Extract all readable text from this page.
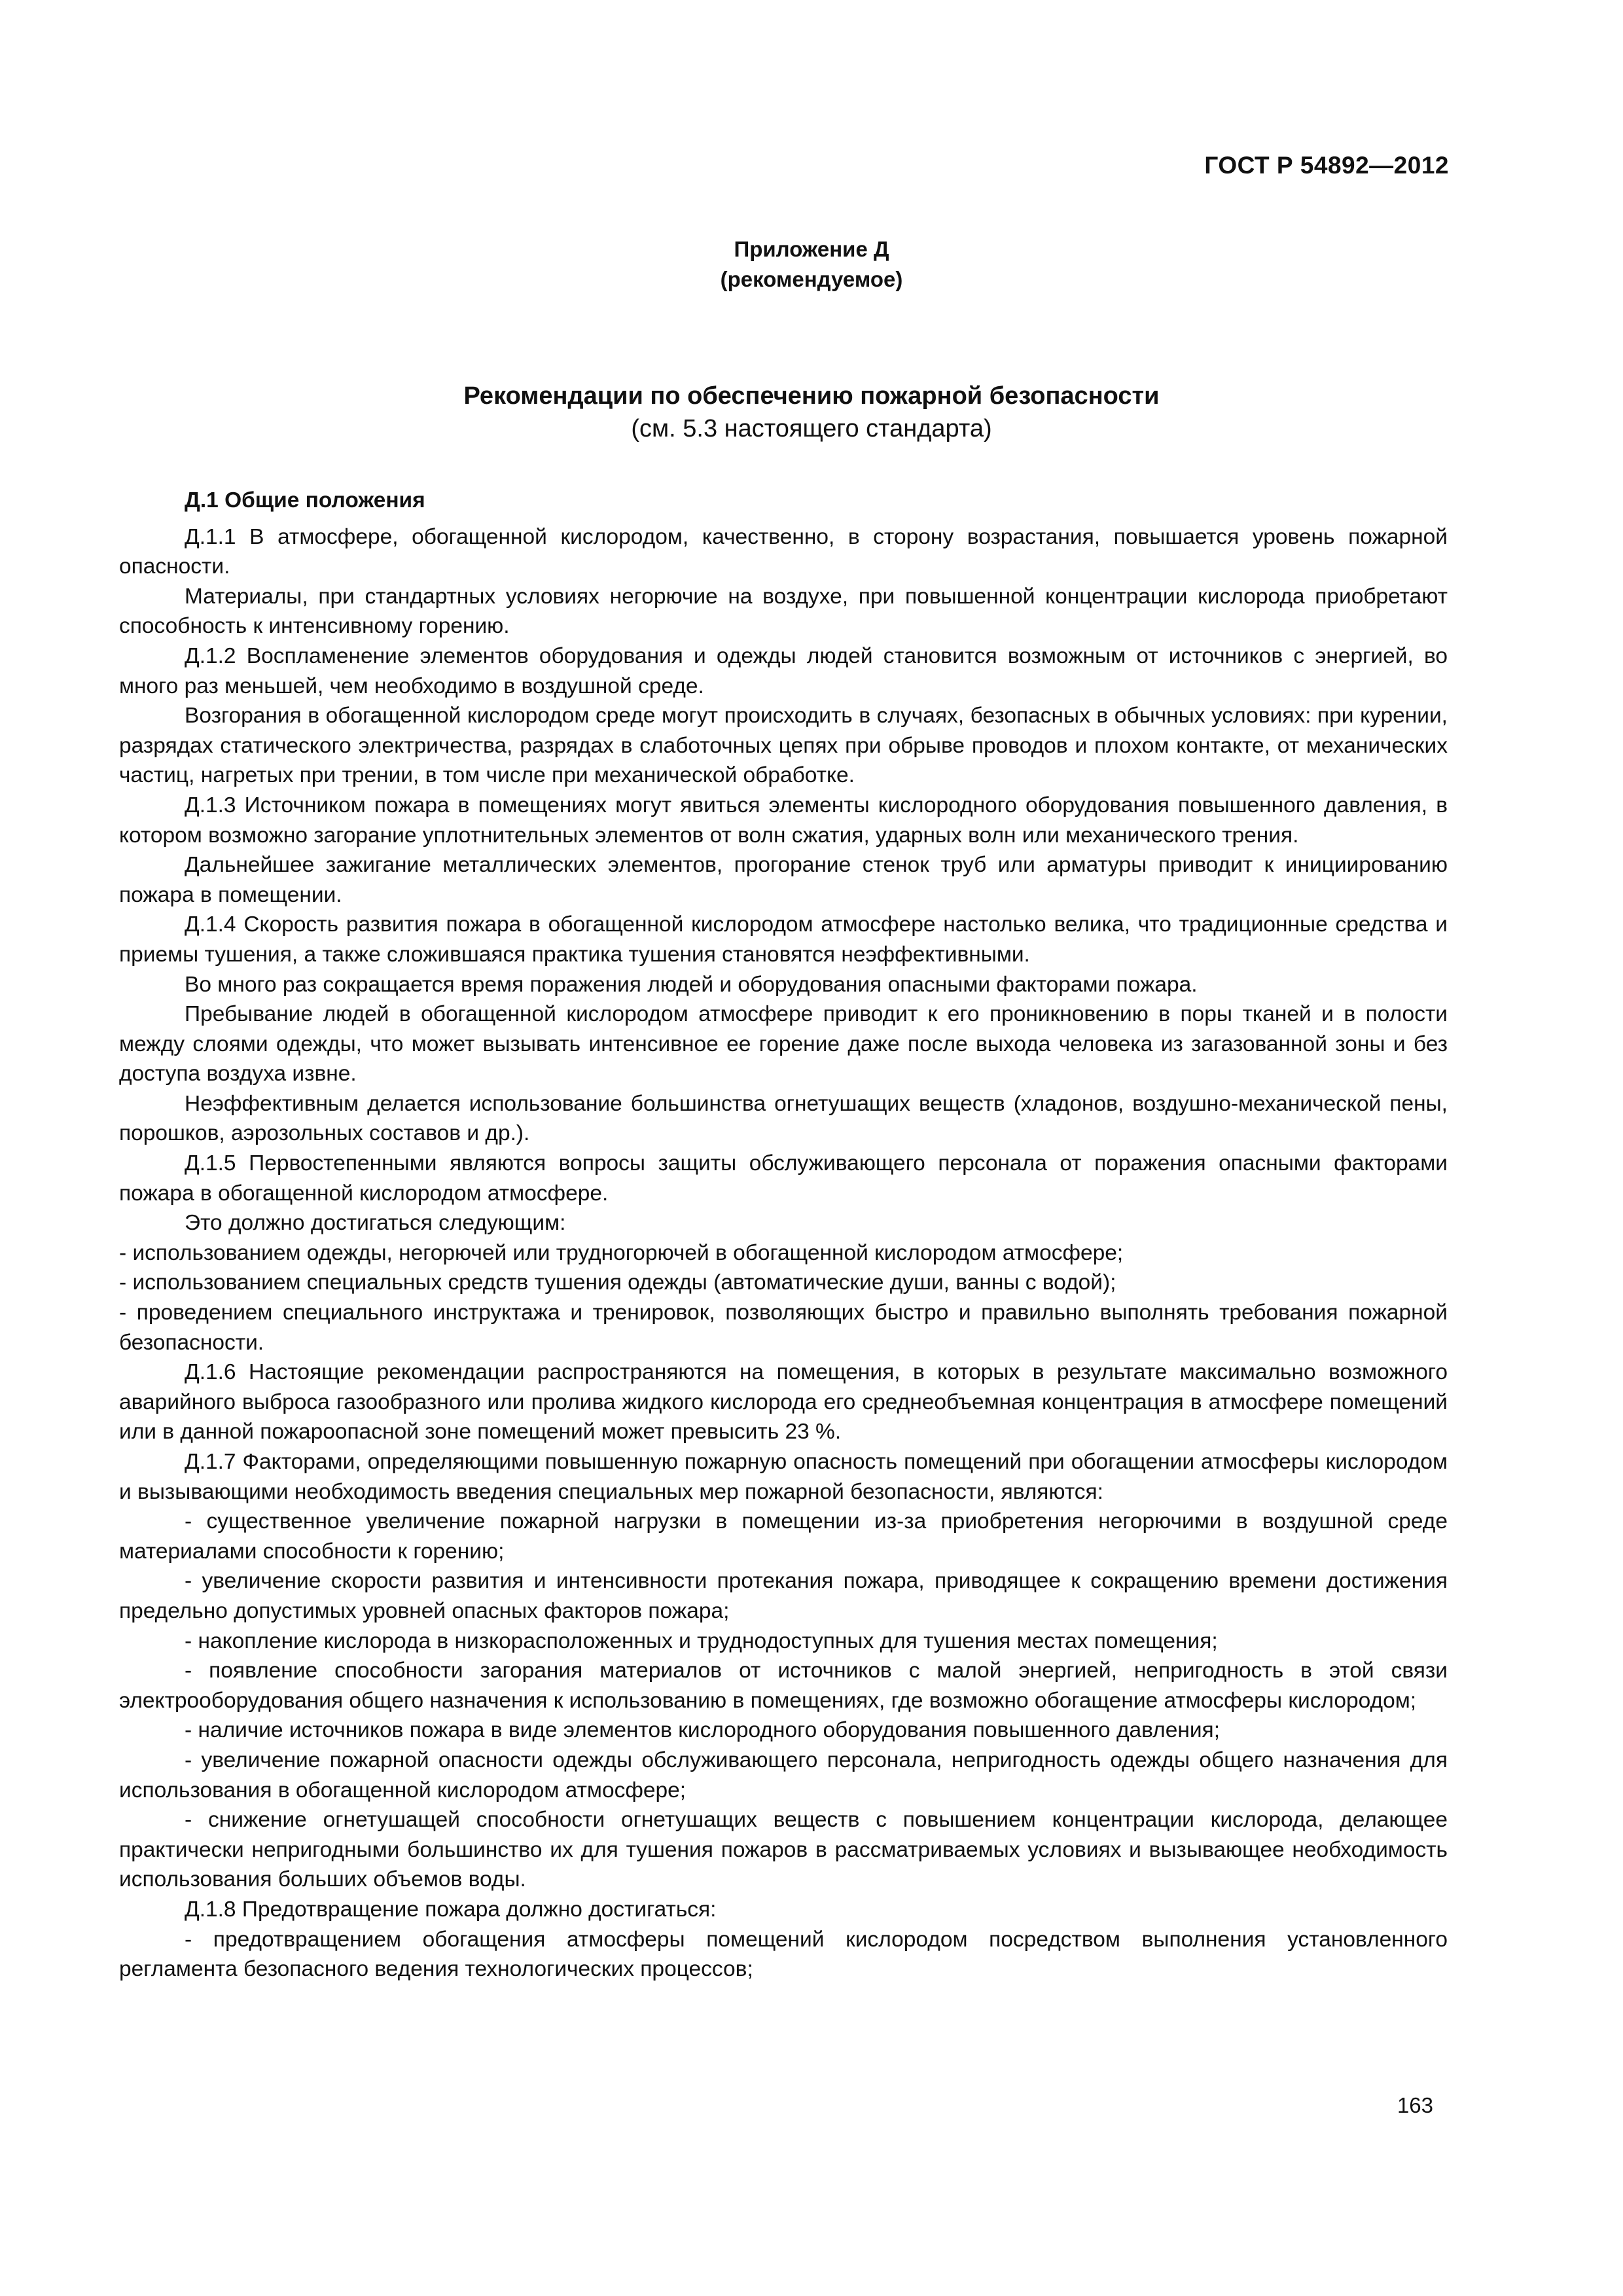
ГОСТ Р 54892—2012
Приложение Д
(рекомендуемое)
Рекомендации по обеспечению пожарной безопасности
(см. 5.3 настоящего стандарта)
Д.1 Общие положения

Д.1.1 В атмосфере, обогащенной кислородом, качественно, в сторону возрастания, повышается уровень пожарной опасности.

Материалы, при стандартных условиях негорючие на воздухе, при повышенной концентрации кислорода приобретают способность к интенсивному горению.

Д.1.2 Воспламенение элементов оборудования и одежды людей становится возможным от источников с энергией, во много раз меньшей, чем необходимо в воздушной среде.

Возгорания в обогащенной кислородом среде могут происходить в случаях, безопасных в обычных условиях: при курении, разрядах статического электричества, разрядах в слаботочных цепях при обрыве проводов и плохом контакте, от механических частиц, нагретых при трении, в том числе при механической обработке.

Д.1.3 Источником пожара в помещениях могут явиться элементы кислородного оборудования повышенного давления, в котором возможно загорание уплотнительных элементов от волн сжатия, ударных волн или механического трения.

Дальнейшее зажигание металлических элементов, прогорание стенок труб или арматуры приводит к инициированию пожара в помещении.

Д.1.4 Скорость развития пожара в обогащенной кислородом атмосфере настолько велика, что традиционные средства и приемы тушения, а также сложившаяся практика тушения становятся неэффективными.

Во много раз сокращается время поражения людей и оборудования опасными факторами пожара.

Пребывание людей в обогащенной кислородом атмосфере приводит к его проникновению в поры тканей и в полости между слоями одежды, что может вызывать интенсивное ее горение даже после выхода человека из загазованной зоны и без доступа воздуха извне.

Неэффективным делается использование большинства огнетушащих веществ (хладонов, воздушно-механической пены, порошков, аэрозольных составов и др.).

Д.1.5 Первостепенными являются вопросы защиты обслуживающего персонала от поражения опасными факторами пожара в обогащенной кислородом атмосфере.

Это должно достигаться следующим:

- использованием одежды, негорючей или трудногорючей в обогащенной кислородом атмосфере;

- использованием специальных средств тушения одежды (автоматические души, ванны с водой);

- проведением специального инструктажа и тренировок, позволяющих быстро и правильно выполнять требования пожарной безопасности.

Д.1.6 Настоящие рекомендации распространяются на помещения, в которых в результате максимально возможного аварийного выброса газообразного или пролива жидкого кислорода его среднеобъемная концентрация в атмосфере помещений или в данной пожароопасной зоне помещений может превысить 23 %.

Д.1.7 Факторами, определяющими повышенную пожарную опасность помещений при обогащении атмосферы кислородом и вызывающими необходимость введения специальных мер пожарной безопасности, являются:

- существенное увеличение пожарной нагрузки в помещении из-за приобретения негорючими в воздушной среде материалами способности к горению;

- увеличение скорости развития и интенсивности протекания пожара, приводящее к сокращению времени достижения предельно допустимых уровней опасных факторов пожара;

- накопление кислорода в низкорасположенных и труднодоступных для тушения местах помещения;

- появление способности загорания материалов от источников с малой энергией, непригодность в этой связи электрооборудования общего назначения к использованию в помещениях, где возможно обогащение атмосферы кислородом;

- наличие источников пожара в виде элементов кислородного оборудования повышенного давления;

- увеличение пожарной опасности одежды обслуживающего персонала, непригодность одежды общего назначения для использования в обогащенной кислородом атмосфере;

- снижение огнетушащей способности огнетушащих веществ с повышением концентрации кислорода, делающее практически непригодными большинство их для тушения пожаров в рассматриваемых условиях и вызывающее необходимость использования больших объемов воды.

Д.1.8 Предотвращение пожара должно достигаться:

- предотвращением обогащения атмосферы помещений кислородом посредством выполнения установленного регламента безопасного ведения технологических процессов;

163
